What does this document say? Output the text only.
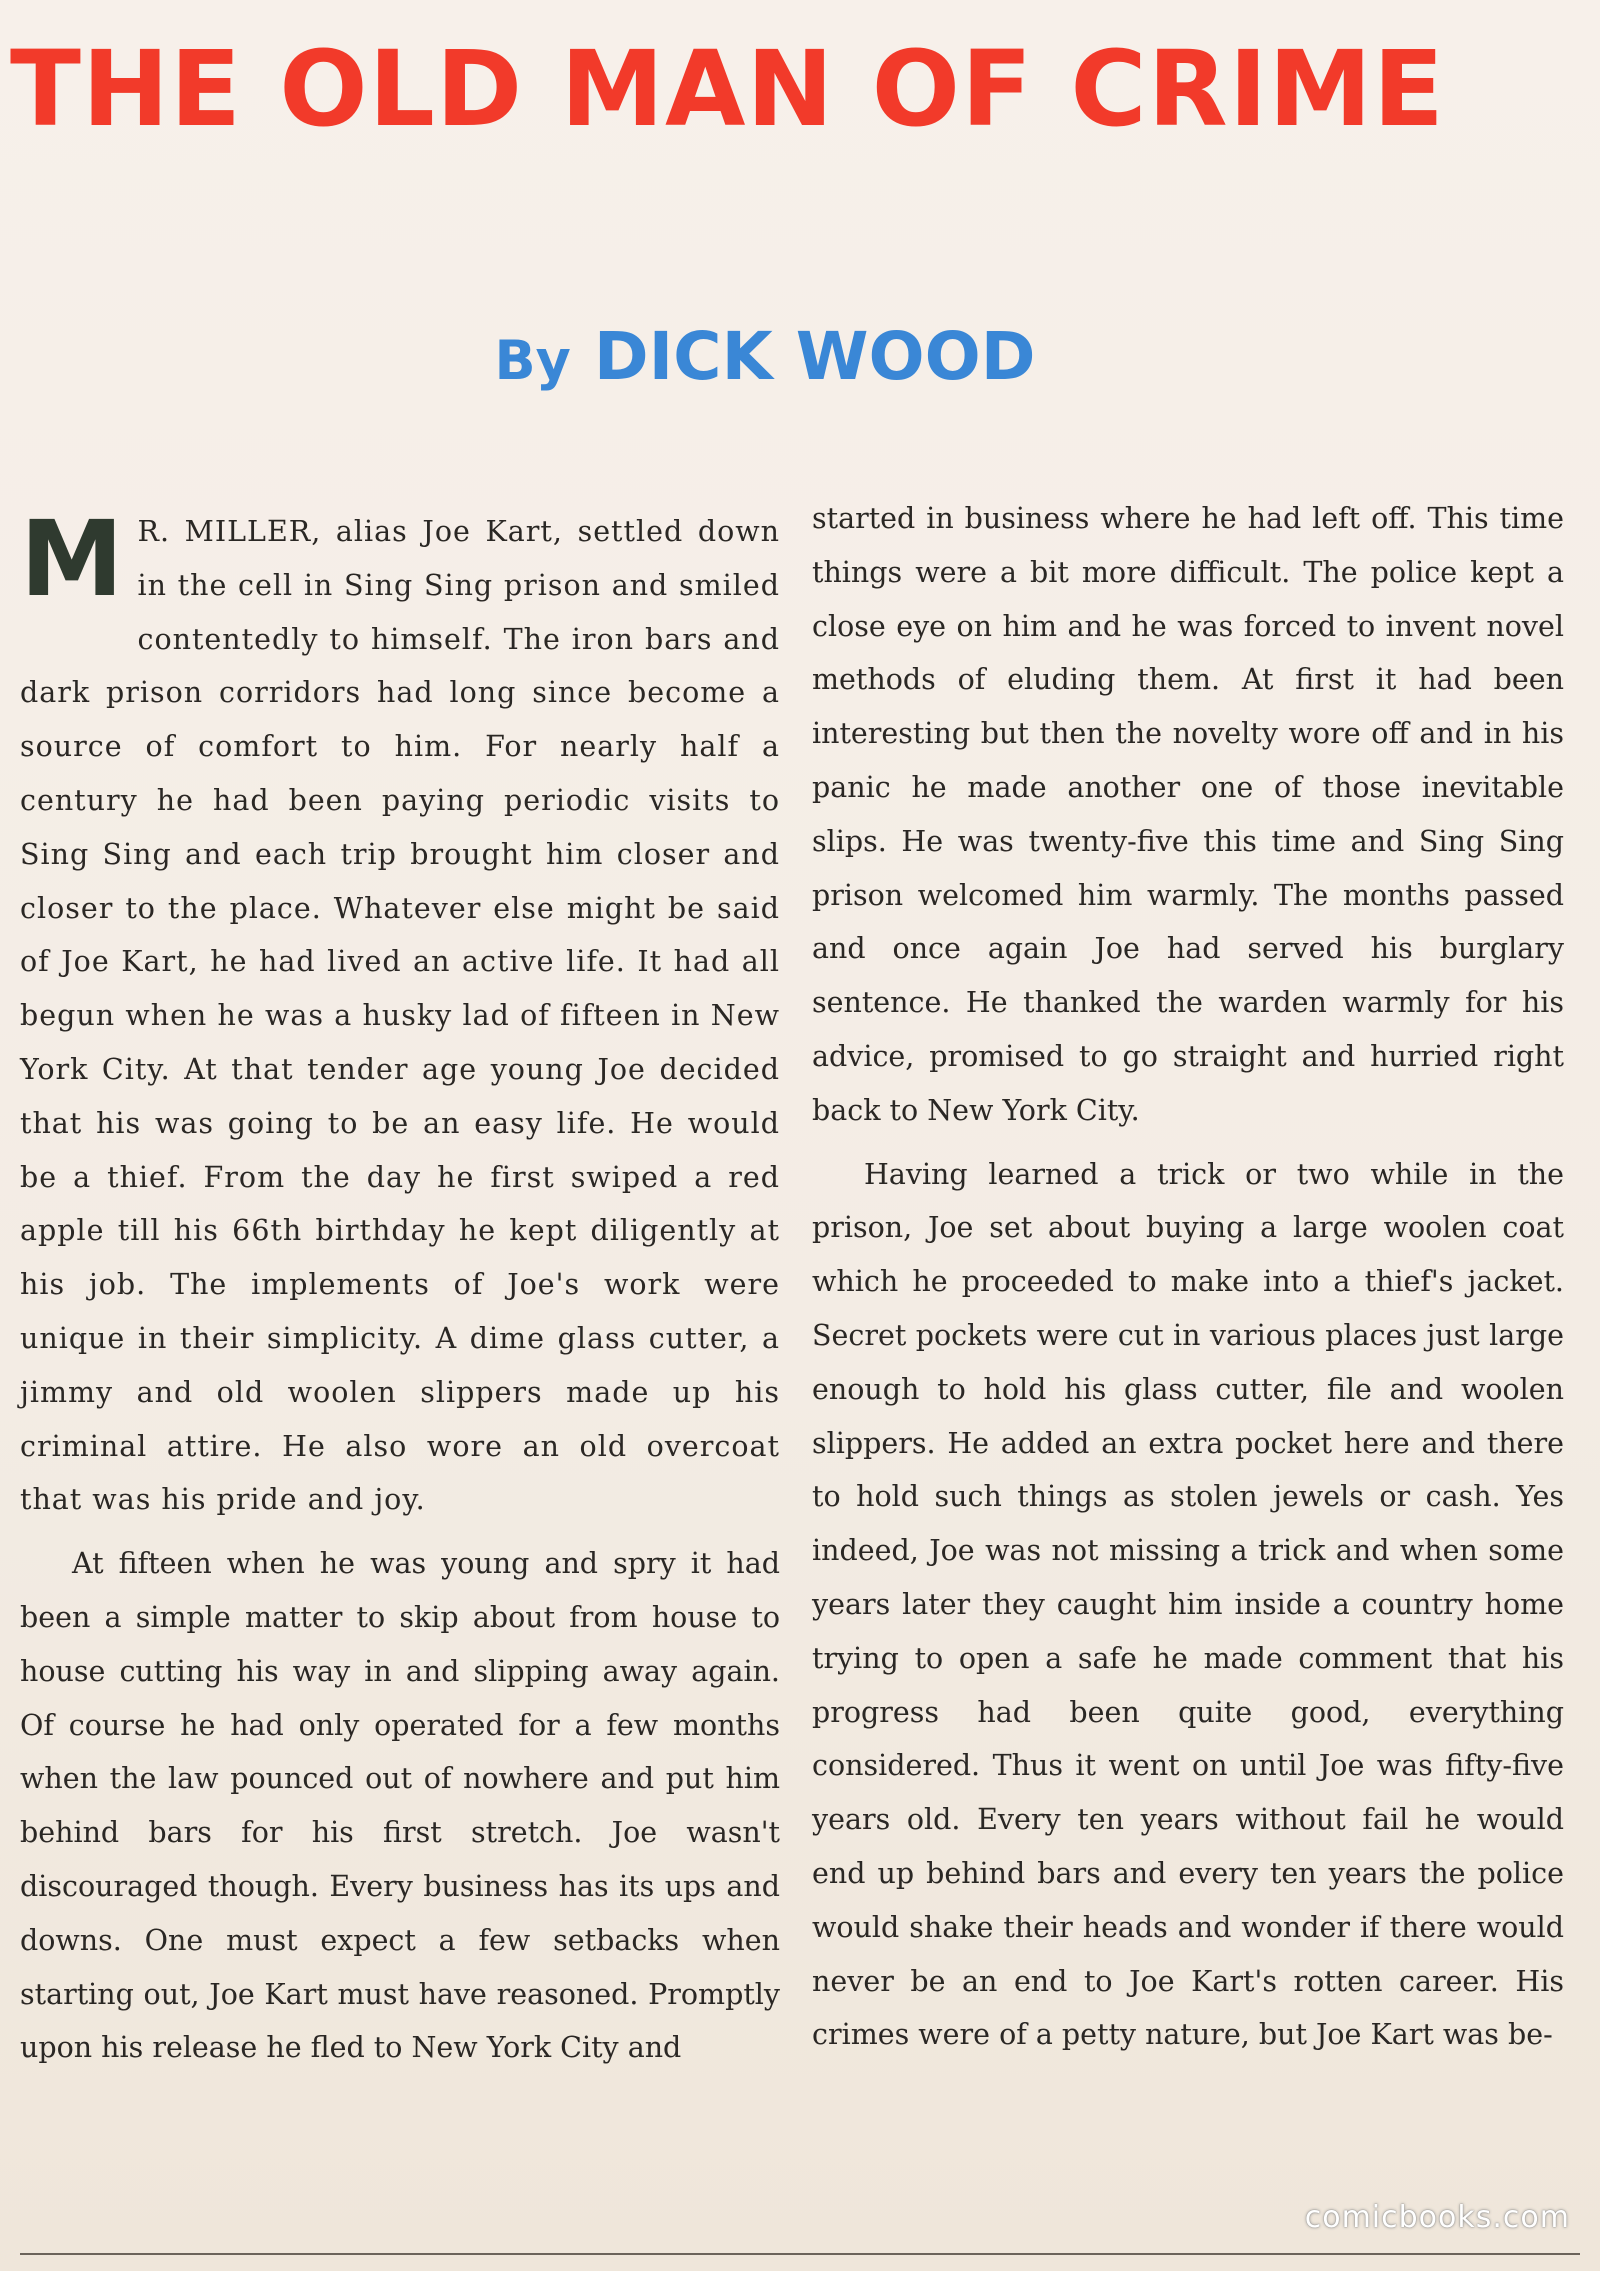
THE OLD MAN OF CRIME
By DICK WOOD

M R. MILLER, alias Joe Kart, settled down in the cell in Sing Sing prison and smiled contentedly to himself. The iron bars and dark prison corridors had long since become a source of comfort to him. For nearly half a century he had been paying periodic visits to Sing Sing and each trip brought him closer and closer to the place. Whatever else might be said of Joe Kart, he had lived an active life. It had all begun when he was a husky lad of fifteen in New York City. At that tender age young Joe decided that his was going to be an easy life. He would be a thief. From the day he first swiped a red apple till his 66th birthday he kept diligently at his job. The implements of Joe's work were unique in their simplicity. A dime glass cutter, a jimmy and old woolen slippers made up his criminal attire. He also wore an old overcoat that was his pride and joy.

At fifteen when he was young and spry it had been a simple matter to skip about from house to house cutting his way in and slipping away again. Of course he had only operated for a few months when the law pounced out of nowhere and put him behind bars for his first stretch. Joe wasn't discouraged though. Every business has its ups and downs. One must expect a few setbacks when starting out, Joe Kart must have reasoned. Promptly upon his release he fled to New York City and

started in business where he had left off. This time things were a bit more difficult. The police kept a close eye on him and he was forced to invent novel methods of eluding them. At first it had been interesting but then the novelty wore off and in his panic he made another one of those inevitable slips. He was twenty-five this time and Sing Sing prison welcomed him warmly. The months passed and once again Joe had served his burglary sentence. He thanked the warden warmly for his advice, promised to go straight and hurried right back to New York City.

Having learned a trick or two while in the prison, Joe set about buying a large woolen coat which he proceeded to make into a thief's jacket. Secret pockets were cut in various places just large enough to hold his glass cutter, file and woolen slippers. He added an extra pocket here and there to hold such things as stolen jewels or cash. Yes indeed, Joe was not missing a trick and when some years later they caught him inside a country home trying to open a safe he made comment that his progress had been quite good, everything considered. Thus it went on until Joe was fifty-five years old. Every ten years without fail he would end up behind bars and every ten years the police would shake their heads and wonder if there would never be an end to Joe Kart's rotten career. His crimes were of a petty nature, but Joe Kart was be-

comicbooks.com
